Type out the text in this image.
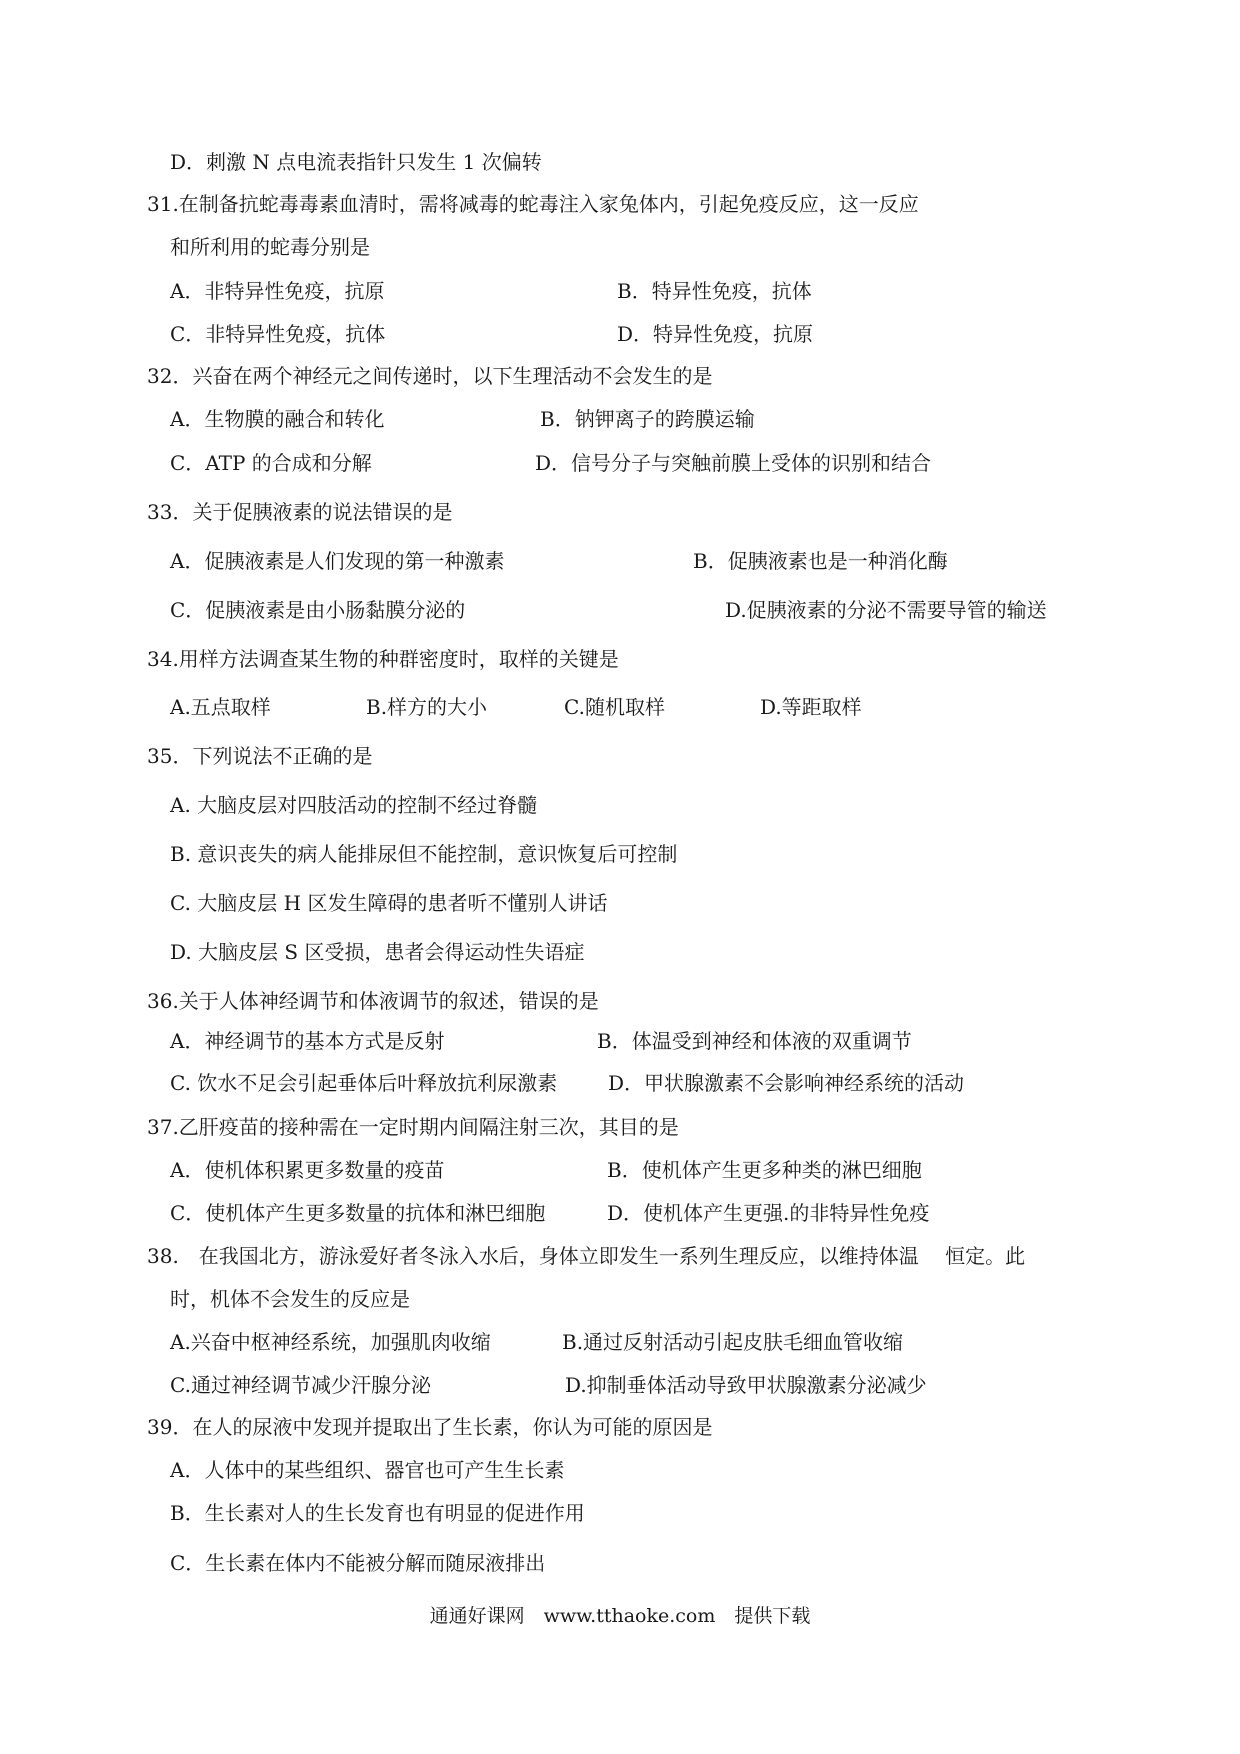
D．刺激 N 点电流表指针只发生 1 次偏转
31.在制备抗蛇毒毒素血清时，需将减毒的蛇毒注入家兔体内，引起免疫反应，这一反应
和所利用的蛇毒分别是
A．非特异性免疫，抗原	B．特异性免疫，抗体
C．非特异性免疫，抗体	D．特异性免疫，抗原
32．兴奋在两个神经元之间传递时，以下生理活动不会发生的是
A．生物膜的融合和转化	B．钠钾离子的跨膜运输
C．ATP 的合成和分解	D．信号分子与突触前膜上受体的识别和结合
33．关于促胰液素的说法错误的是
A．促胰液素是人们发现的第一种激素	B．促胰液素也是一种消化酶
C．促胰液素是由小肠黏膜分泌的	D.促胰液素的分泌不需要导管的输送
34.用样方法调查某生物的种群密度时，取样的关键是
A.五点取样	B.样方的大小	C.随机取样	D.等距取样
35．下列说法不正确的是
A. 大脑皮层对四肢活动的控制不经过脊髓
B. 意识丧失的病人能排尿但不能控制，意识恢复后可控制
C. 大脑皮层 H 区发生障碍的患者听不懂别人讲话
D. 大脑皮层 S 区受损，患者会得运动性失语症
36.关于人体神经调节和体液调节的叙述，错误的是
A．神经调节的基本方式是反射	B．体温受到神经和体液的双重调节
C. 饮水不足会引起垂体后叶释放抗利尿激素	D．甲状腺激素不会影响神经系统的活动
37.乙肝疫苗的接种需在一定时期内间隔注射三次，其目的是
A．使机体积累更多数量的疫苗	B．使机体产生更多种类的淋巴细胞
C．使机体产生更多数量的抗体和淋巴细胞	D．使机体产生更强.的非特异性免疫
38.　在我国北方，游泳爱好者冬泳入水后，身体立即发生一系列生理反应，以维持体温　 恒定。此
时，机体不会发生的反应是
A.兴奋中枢神经系统，加强肌肉收缩	B.通过反射活动引起皮肤毛细血管收缩
C.通过神经调节减少汗腺分泌	D.抑制垂体活动导致甲状腺激素分泌减少
39．在人的尿液中发现并提取出了生长素，你认为可能的原因是
A．人体中的某些组织、器官也可产生生长素
B．生长素对人的生长发育也有明显的促进作用
C．生长素在体内不能被分解而随尿液排出
通通好课网　www.tthaoke.com　提供下载
